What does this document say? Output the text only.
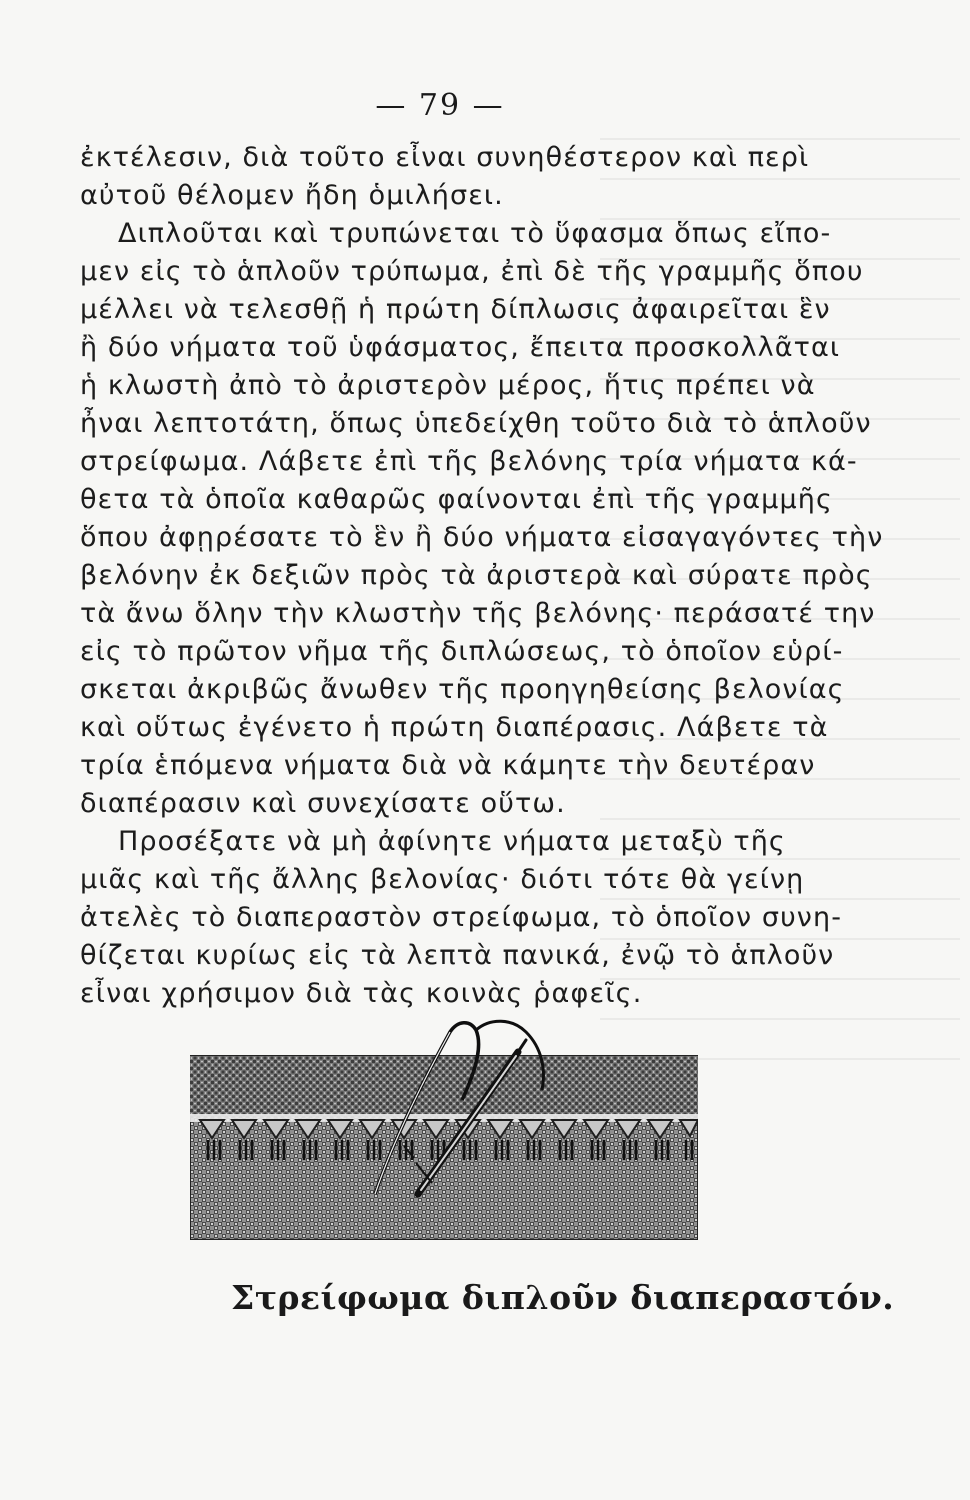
— 79 —
ἐκτέλεσιν, διὰ τοῦτο εἶναι συνηθέστερον καὶ περὶ
αὐτοῦ θέλομεν ἤδη ὁμιλήσει.
Διπλοῦται καὶ τρυπώνεται τὸ ὕφασμα ὅπως εἴπο-
μεν εἰς τὸ ἁπλοῦν τρύπωμα, ἐπὶ δὲ τῆς γραμμῆς ὅπου
μέλλει νὰ τελεσθῇ ἡ πρώτη δίπλωσις ἀφαιρεῖται ἓν
ἢ δύο νήματα τοῦ ὑφάσματος, ἔπειτα προσκολλᾶται
ἡ κλωστὴ ἀπὸ τὸ ἀριστερὸν μέρος, ἥτις πρέπει νὰ
ἦναι λεπτοτάτη, ὅπως ὑπεδείχθη τοῦτο διὰ τὸ ἁπλοῦν
στρείφωμα. Λάβετε ἐπὶ τῆς βελόνης τρία νήματα κά-
θετα τὰ ὁποῖα καθαρῶς φαίνονται ἐπὶ τῆς γραμμῆς
ὅπου ἀφῃρέσατε τὸ ἓν ἢ δύο νήματα εἰσαγαγόντες τὴν
βελόνην ἐκ δεξιῶν πρὸς τὰ ἀριστερὰ καὶ σύρατε πρὸς
τὰ ἄνω ὅλην τὴν κλωστὴν τῆς βελόνης· περάσατέ την
εἰς τὸ πρῶτον νῆμα τῆς διπλώσεως, τὸ ὁποῖον εὑρί-
σκεται ἀκριβῶς ἄνωθεν τῆς προηγηθείσης βελονίας
καὶ οὕτως ἐγένετο ἡ πρώτη διαπέρασις. Λάβετε τὰ
τρία ἑπόμενα νήματα διὰ νὰ κάμητε τὴν δευτέραν
διαπέρασιν καὶ συνεχίσατε οὕτω.
Προσέξατε νὰ μὴ ἀφίνητε νήματα μεταξὺ τῆς
μιᾶς καὶ τῆς ἄλλης βελονίας· διότι τότε θὰ γείνῃ
ἀτελὲς τὸ διαπεραστὸν στρείφωμα, τὸ ὁποῖον συνη-
θίζεται κυρίως εἰς τὰ λεπτὰ πανικά, ἐνῷ τὸ ἁπλοῦν
εἶναι χρήσιμον διὰ τὰς κοινὰς ῥαφεῖς.
Στρείφωμα διπλοῦν διαπεραστόν.
